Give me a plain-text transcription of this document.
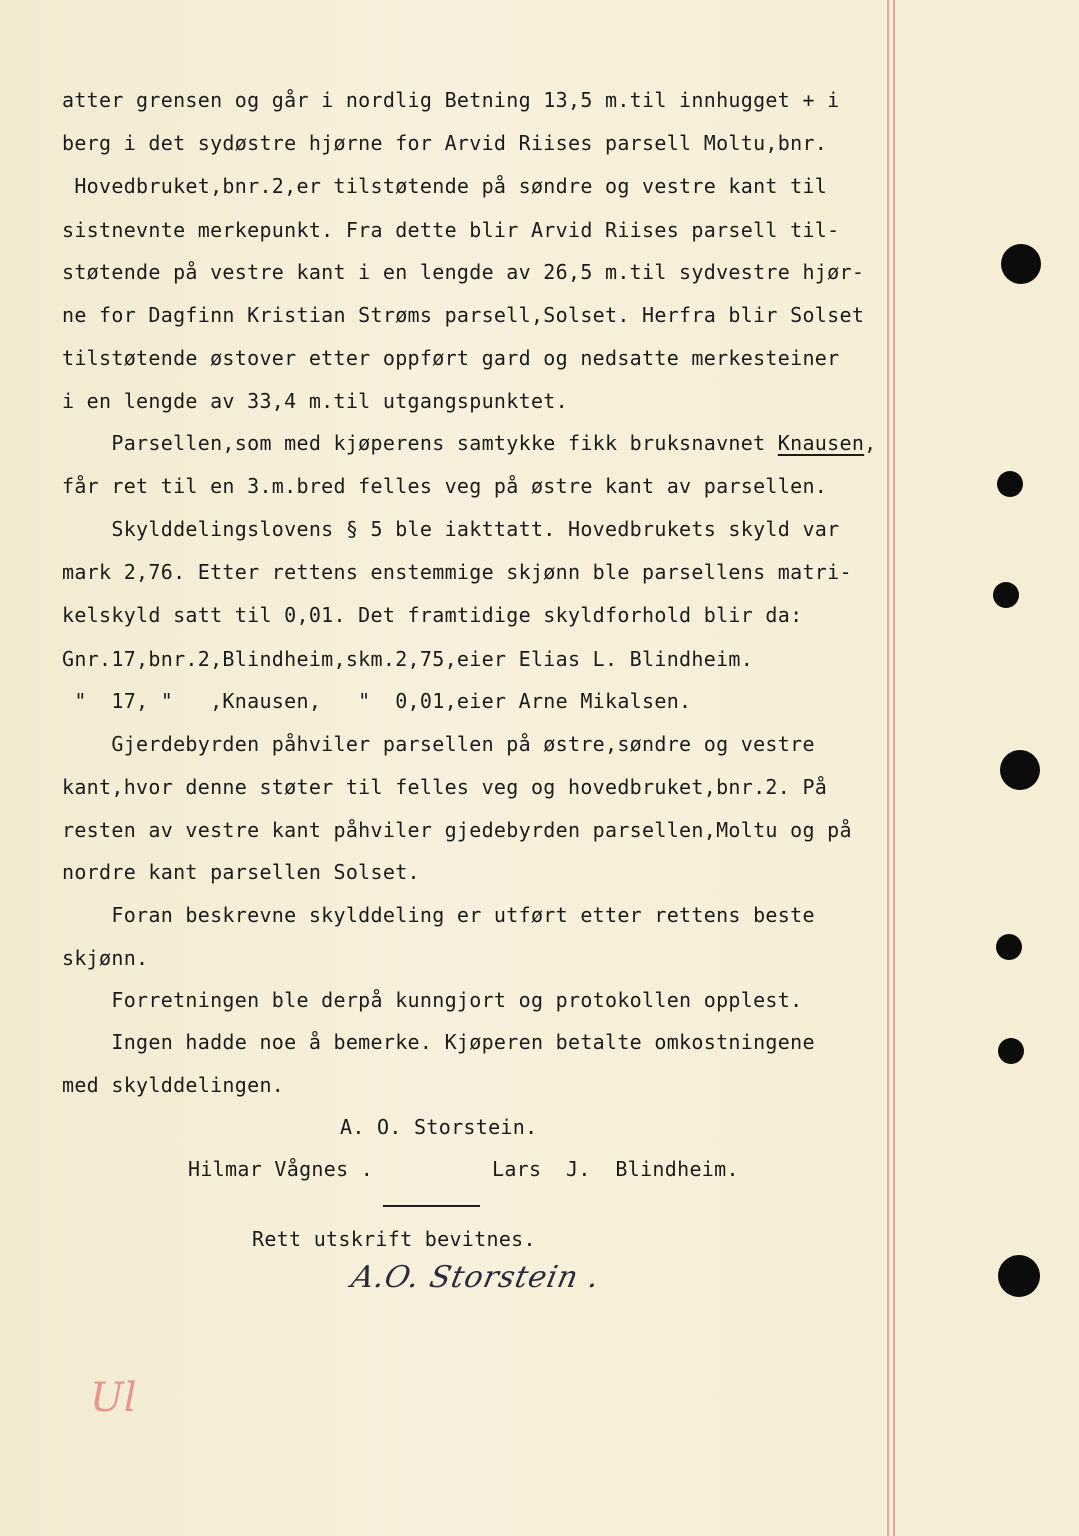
atter grensen og går i nordlig Betning 13,5 m.til innhugget + i
berg i det sydøstre hjørne for Arvid Riises parsell Moltu,bnr.
Hovedbruket,bnr.2,er tilstøtende på søndre og vestre kant til
sistnevnte merkepunkt. Fra dette blir Arvid Riises parsell til-
støtende på vestre kant i en lengde av 26,5 m.til sydvestre hjør-
ne for Dagfinn Kristian Strøms parsell,Solset. Herfra blir Solset
tilstøtende østover etter oppført gard og nedsatte merkesteiner
i en lengde av 33,4 m.til utgangspunktet.
Parsellen,som med kjøperens samtykke fikk bruksnavnet Knausen,
får ret til en 3.m.bred felles veg på østre kant av parsellen.
Skylddelingslovens § 5 ble iakttatt. Hovedbrukets skyld var
mark 2,76. Etter rettens enstemmige skjønn ble parsellens matri-
kelskyld satt til 0,01. Det framtidige skyldforhold blir da:
Gnr.17,bnr.2,Blindheim,skm.2,75,eier Elias L. Blindheim.
"  17, "   ,Knausen,   "  0,01,eier Arne Mikalsen.
Gjerdebyrden påhviler parsellen på østre,søndre og vestre
kant,hvor denne støter til felles veg og hovedbruket,bnr.2. På
resten av vestre kant påhviler gjedebyrden parsellen,Moltu og på
nordre kant parsellen Solset.
Foran beskrevne skylddeling er utført etter rettens beste
skjønn.
Forretningen ble derpå kunngjort og protokollen opplest.
Ingen hadde noe å bemerke. Kjøperen betalte omkostningene
med skylddelingen.
A. O. Storstein.
Hilmar Vågnes .	Lars  J.  Blindheim.
Rett utskrift bevitnes.
A.O. Storstein .
Ul
